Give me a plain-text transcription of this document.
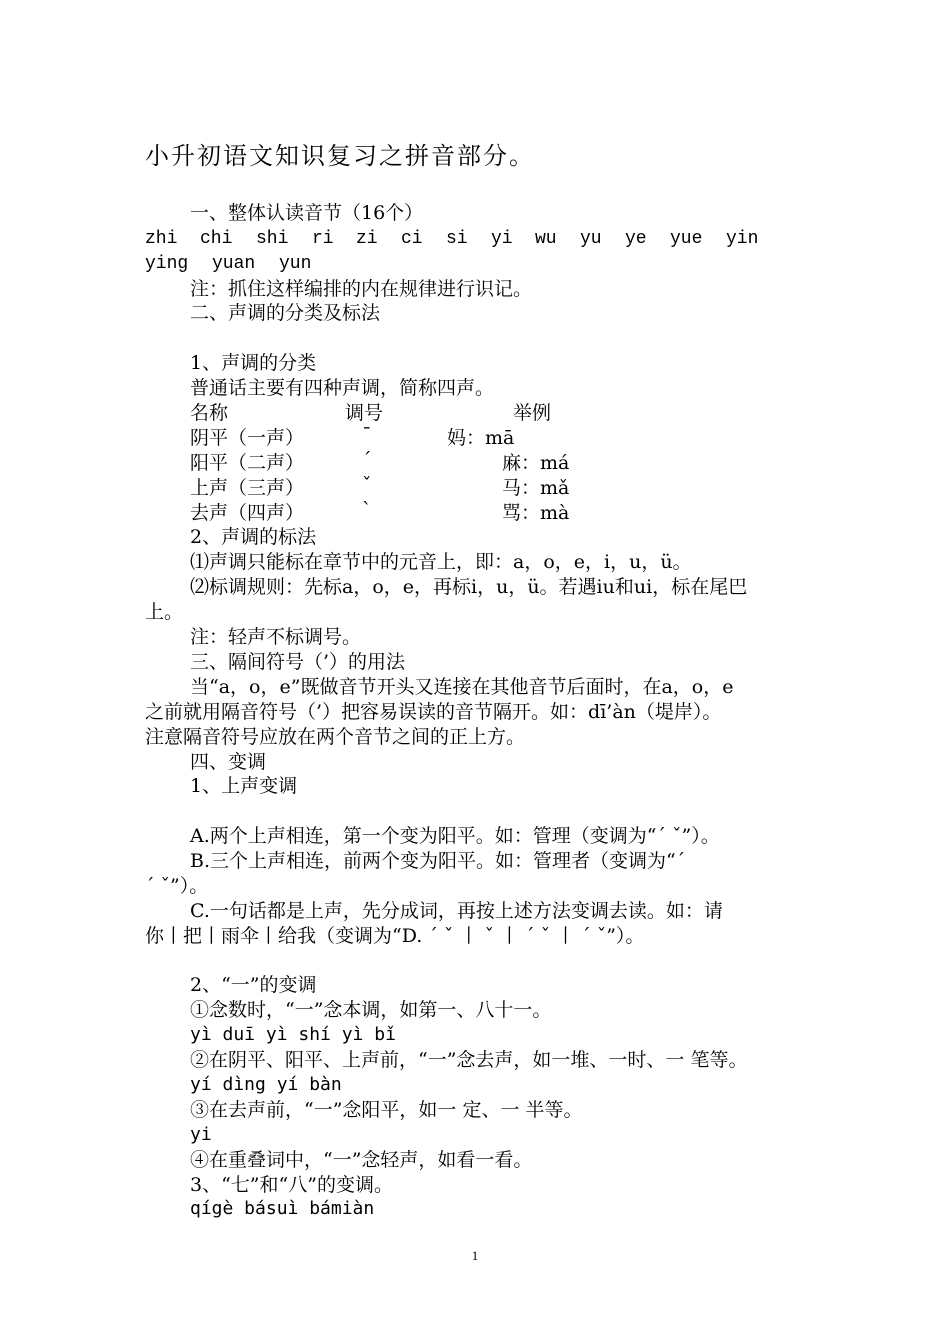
小升初语文知识复习之拼音部分。
一、整体认读音节（16个）
zhi chi shi ri zi ci si yi wu yu ye yue yin
ying yuan yun
注：抓住这样编排的内在规律进行识记。
二、声调的分类及标法
1、声调的分类
普通话主要有四种声调，简称四声。
名称	调号	举例
阴平（一声）	ˉ	妈：mā
阳平（二声）	ˊ	麻：má
上声（三声）	ˇ	马：mǎ
去声（四声）	ˋ	骂：mà
2、声调的标法
⑴声调只能标在章节中的元音上，即：a，o，e，i，u，ü。
⑵标调规则：先标a，o，e，再标i，u，ü。若遇iu和ui，标在尾巴
上。
注：轻声不标调号。
三、隔间符号（’）的用法
当“a，o，e”既做音节开头又连接在其他音节后面时，在a，o，e
之前就用隔音符号（’）把容易误读的音节隔开。如：dī’àn（堤岸）。
注意隔音符号应放在两个音节之间的正上方。
四、变调
1、上声变调
A.两个上声相连，第一个变为阳平。如：管理（变调为“ˊ ˇ”）。
B.三个上声相连，前两个变为阳平。如：管理者（变调为“ˊ
ˊ ˇ”）。
C.一句话都是上声，先分成词，再按上述方法变调去读。如：请
你丨把丨雨伞丨给我（变调为“D. ˊ ˇ 丨 ˇ 丨 ˊ ˇ 丨 ˊ ˇ”）。
2、“一”的变调
①念数时，“一”念本调，如第一、八十一。
yì duī yì shí yì bǐ
②在阴平、阳平、上声前，“一”念去声，如一堆、一时、一 笔等。
yí dìng yí bàn
③在去声前，“一”念阳平，如一 定、一 半等。
yi
④在重叠词中，“一”念轻声，如看一看。
3、“七”和“八”的变调。
qígè básuì bámiàn
1
